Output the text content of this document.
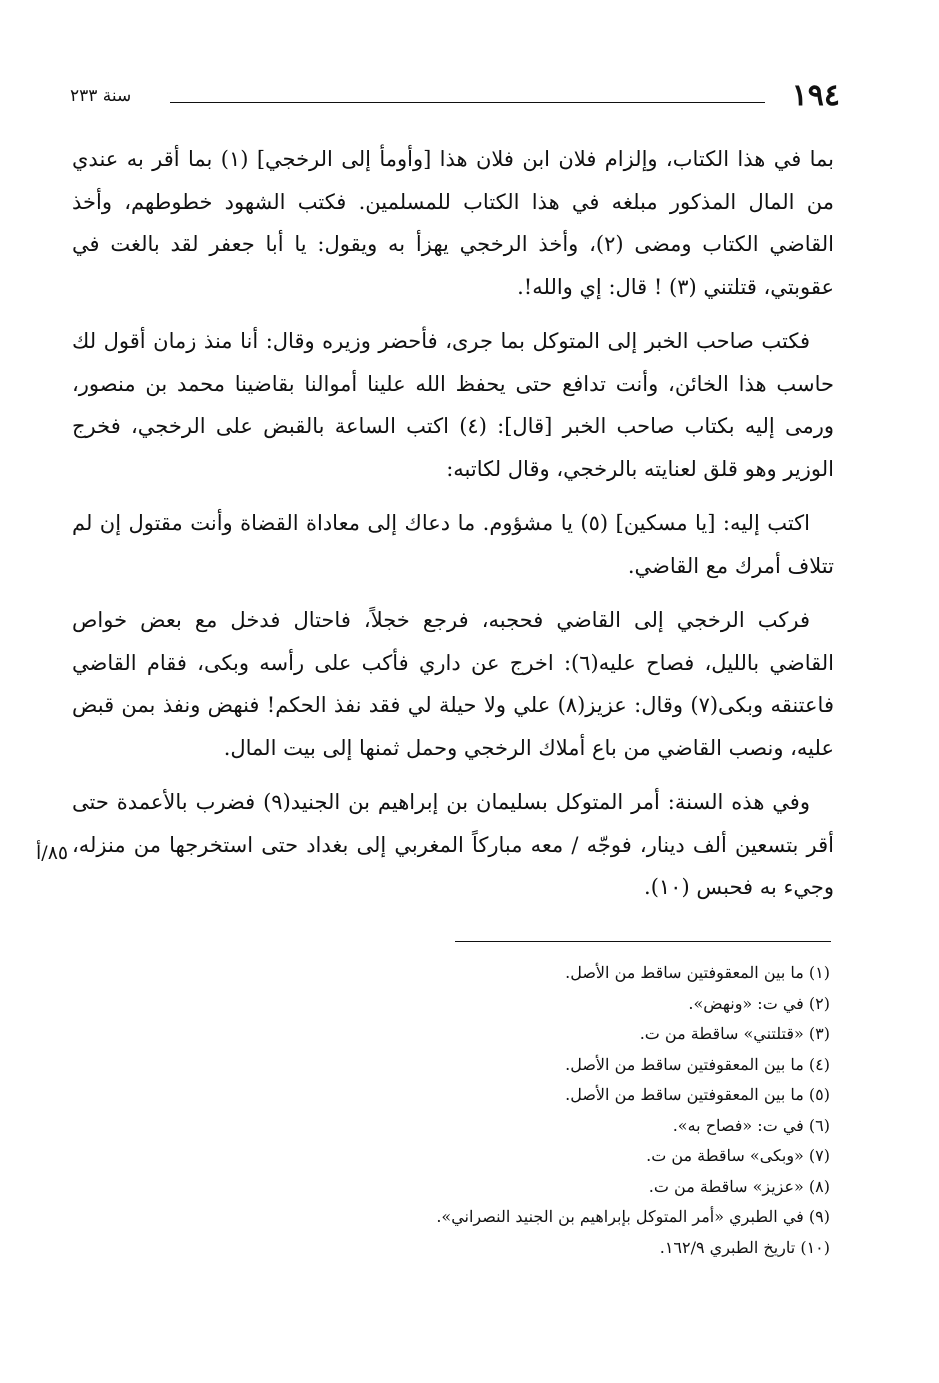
١٩٤
سنة ٢٣٣

بما في هذا الكتاب، وإلزام فلان ابن فلان هذا [وأومأ إلى الرخجي] (١) بما أقر به عندي من المال المذكور مبلغه في هذا الكتاب للمسلمين. فكتب الشهود خطوطهم، وأخذ القاضي الكتاب ومضى (٢)، وأخذ الرخجي يهزأ به ويقول: يا أبا جعفر لقد بالغت في عقوبتي، قتلتني (٣) ! قال: إي والله!.

فكتب صاحب الخبر إلى المتوكل بما جرى، فأحضر وزيره وقال: أنا منذ زمان أقول لك حاسب هذا الخائن، وأنت تدافع حتى يحفظ الله علينا أموالنا بقاضينا محمد بن منصور، ورمى إليه بكتاب صاحب الخبر [قال]: (٤) اكتب الساعة بالقبض على الرخجي، فخرج الوزير وهو قلق لعنايته بالرخجي، وقال لكاتبه:

اكتب إليه: [يا مسكين] (٥) يا مشؤوم. ما دعاك إلى معاداة القضاة وأنت مقتول إن لم تتلاف أمرك مع القاضي.

فركب الرخجي إلى القاضي فحجبه، فرجع خجلاً، فاحتال فدخل مع بعض خواص القاضي بالليل، فصاح عليه(٦): اخرج عن داري فأكب على رأسه وبكى، فقام القاضي فاعتنقه وبكى(٧) وقال: عزيز(٨) علي ولا حيلة لي فقد نفذ الحكم! فنهض ونفذ بمن قبض عليه، ونصب القاضي من باع أملاك الرخجي وحمل ثمنها إلى بيت المال.

وفي هذه السنة: أمر المتوكل بسليمان بن إبراهيم بن الجنيد(٩) فضرب بالأعمدة حتى أقر بتسعين ألف دينار، فوجّه / معه مباركاً المغربي إلى بغداد حتى استخرجها من منزله، وجيء به فحبس (١٠).

٨٥/أ
(١) ما بين المعقوفتين ساقط من الأصل.
(٢) في ت: «ونهض».
(٣) «قتلتني» ساقطة من ت.
(٤) ما بين المعقوفتين ساقط من الأصل.
(٥) ما بين المعقوفتين ساقط من الأصل.
(٦) في ت: «فصاح به».
(٧) «وبكى» ساقطة من ت.
(٨) «عزيز» ساقطة من ت.
(٩) في الطبري «أمر المتوكل بإبراهيم بن الجنيد النصراني».
(١٠) تاريخ الطبري ١٦٢/٩.
